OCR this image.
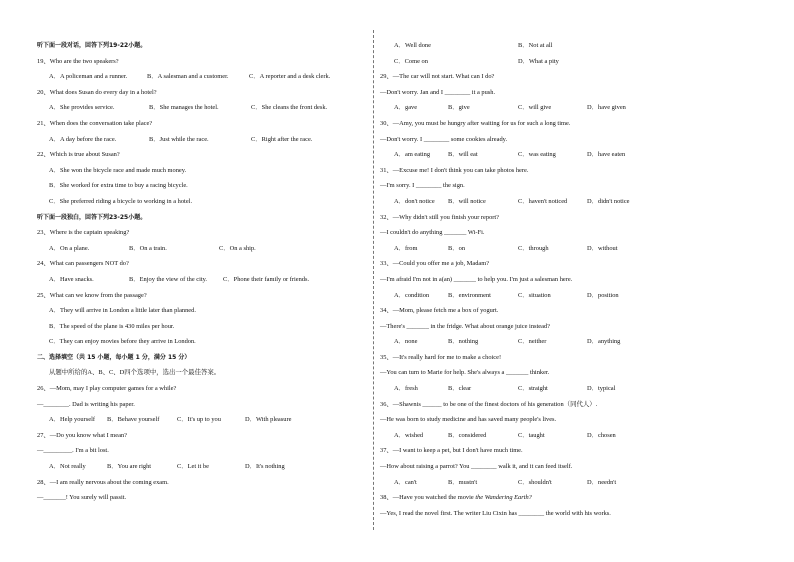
听下面一段对话，回答下列19-22小题。
19、Who are the two speakers?
A．A policeman and a runner.	B．A salesman and a customer.	C．A reporter and a desk clerk.
20、What does Susan do every day in a hotel?
A．She provides service.	B．She manages the hotel.	C．She cleans the front desk.
21、When does the conversation take place?
A．A day before the race.	B．Just while the race.	C．Right after the race.
22、Which is true about Susan?
A．She won the bicycle race and made much money.
B．She worked for extra time to buy a racing bicycle.
C．She preferred riding a bicycle to working in a hotel.
听下面一段独白，回答下列23-25小题。
23、Where is the captain speaking?
A．On a plane.	B．On a train.	C．On a ship.
24、What can passengers NOT do?
A．Have snacks.	B．Enjoy the view of the city. C．Phone their family or friends.
25、What can we know from the passage?
A．They will arrive in London a little later than planned.
B．The speed of the plane is 430 miles per hour.
C．They can enjoy movies before they arrive in London.
二、选择填空（共 15 小题，每小题 1 分，满分 15 分）
从题中所给的A、B、C、D四个选项中，选出一个最佳答案。
26、—Mom, may I play computer games for a while?
—________. Dad is writing his paper.
A．Help yourself B．Behave yourself	C．It's up to you	D．With pleasure
27、—Do you know what I mean?
—_________. I'm a bit lost.
A．Not really	B．You are right	C．Let it be	D．It's nothing
28、—I am really nervous about the coming exam.
—_______! You surely will passit.
A．Well done	B．Not at all
C．Come on	D．What a pity
29、—The car will not start. What can I do?
—Don't worry. Jan and I ________ it a push.
A．gave	B．give	C．will give	D．have given
30、—Amy, you must be hungry after waiting for us for such a long time.
—Don't worry. I ________ some cookies already.
A．am eating	B．will eat	C．was eating	D．have eaten
31、—Excuse me! I don't think you can take photos here.
—I'm sorry. I ________ the sign.
A．don't notice B．will notice	C．haven't noticed	D．didn't notice
32、—Why didn't still you finish your report?
—I couldn't do anything _______ Wi-Fi.
A．from	B．on	C．through	D．without
33、—Could you offer me a job, Madam?
—I'm afraid I'm not in a(an) _______ to help you. I'm just a salesman here.
A．condition	B．environment	C．situation	D．position
34、—Mom, please fetch me a box of yogurt.
—There's _______ in the fridge. What about orange juice instead?
A．none	B．nothing	C．neither	D．anything
35、—It's really hard for me to make a choice!
—You can turn to Marie for help. She's always a _______ thinker.
A．fresh	B．clear	C．straight	D．typical
36、—Shawnis ______ to be one of the finest doctors of his generation（同代人）.
—He was born to study medicine and has saved many people's lives.
A．wished	B．considered	C．taught	D．chosen
37、—I want to keep a pet, but I don't have much time.
—How about raising a parrot? You ________ walk it, and it can feed itself.
A．can't	B．mustn't	C．shouldn't	D．needn't
38、—Have you watched the movie the Wandering Earth?
—Yes, I read the novel first. The writer Liu Cixin has ________ the world with his works.
